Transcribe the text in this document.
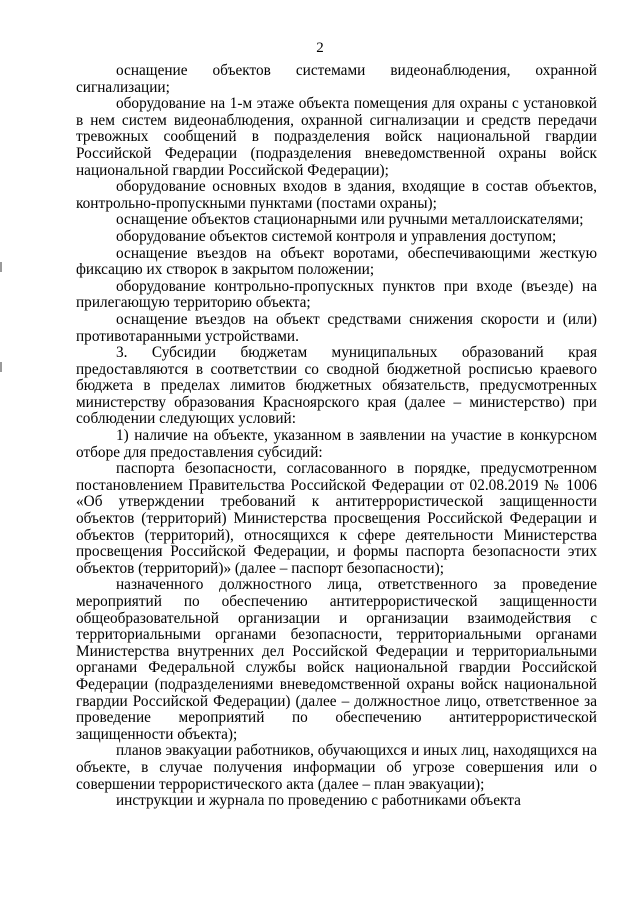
2

оснащение объектов системами видеонаблюдения, охранной сигнализации;

оборудование на 1-м этаже объекта помещения для охраны с установкой в нем систем видеонаблюдения, охранной сигнализации и средств передачи тревожных сообщений в подразделения войск национальной гвардии Российской Федерации (подразделения вневедомственной охраны войск национальной гвардии Российской Федерации);

оборудование основных входов в здания, входящие в состав объектов, контрольно-пропускными пунктами (постами охраны);

оснащение объектов стационарными или ручными металлоискателями;

оборудование объектов системой контроля и управления доступом;

оснащение въездов на объект воротами, обеспечивающими жесткую фиксацию их створок в закрытом положении;

оборудование контрольно-пропускных пунктов при входе (въезде) на прилегающую территорию объекта;

оснащение въездов на объект средствами снижения скорости и (или) противотаранными устройствами.

3. Субсидии бюджетам муниципальных образований края предоставляются в соответствии со сводной бюджетной росписью краевого бюджета в пределах лимитов бюджетных обязательств, предусмотренных министерству образования Красноярского края (далее – министерство) при соблюдении следующих условий:

1) наличие на объекте, указанном в заявлении на участие в конкурсном отборе для предоставления субсидий:

паспорта безопасности, согласованного в порядке, предусмотренном постановлением Правительства Российской Федерации от 02.08.2019 № 1006 «Об утверждении требований к антитеррористической защищенности объектов (территорий) Министерства просвещения Российской Федерации и объектов (территорий), относящихся к сфере деятельности Министерства просвещения Российской Федерации, и формы паспорта безопасности этих объектов (территорий)» (далее – паспорт безопасности);

назначенного должностного лица, ответственного за проведение мероприятий по обеспечению антитеррористической защищенности общеобразовательной организации и организации взаимодействия с территориальными органами безопасности, территориальными органами Министерства внутренних дел Российской Федерации и территориальными органами Федеральной службы войск национальной гвардии Российской Федерации (подразделениями вневедомственной охраны войск национальной гвардии Российской Федерации) (далее – должностное лицо, ответственное за проведение мероприятий по обеспечению антитеррористической защищенности объекта);

планов эвакуации работников, обучающихся и иных лиц, находящихся на объекте, в случае получения информации об угрозе совершения или о совершении террористического акта (далее – план эвакуации);

инструкции и журнала по проведению с работниками объекта
